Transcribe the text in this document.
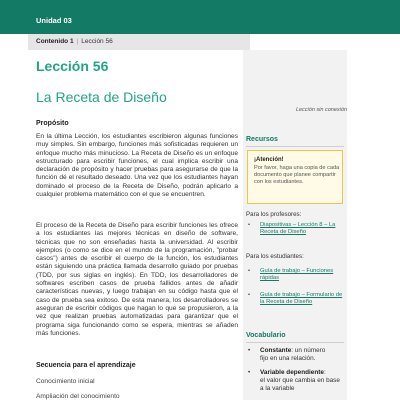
Unidad 03
Contenido 1 | Lección 56
Lección 56
La Receta de Diseño
Lección sin conexión
Propósito

En la última Lección, los estudiantes escribieron algunas funciones muy simples. Sin embargo, funciones más sofisticadas requieren un enfoque mucho más minucioso. La Receta de Diseño es un enfoque estructurado para escribir funciones, el cual implica escribir una declaración de propósito y hacer pruebas para asegurarse de que la función dé el resultado deseado. Una vez que los estudiantes hayan dominado el proceso de la Receta de Diseño, podrán aplicarlo a cualquier problema matemático con el que se encuentren.

El proceso de la Receta de Diseño para escribir funciones les ofrece a los estudiantes las mejores técnicas en diseño de software, técnicas que no son enseñadas hasta la universidad. Al escribir ejemplos (o como se dice en el mundo de la programación, "probar casos") antes de escribir el cuerpo de la función, los estudiantes están siguiendo una práctica llamada desarrollo guiado por pruebas (TDD, por sus siglas en inglés). En TDD, los desarrolladores de softwares escriben casos de prueba fallidos antes de añadir características nuevas, y luego trabajan en su código hasta que el caso de prueba sea exitoso. De esta manera, los desarrolladores se aseguran de escribir códigos que hagan lo que se propusieron, a la vez que realizan pruebas automatizadas para garantizar que el programa siga funcionando como se espera, mientras se añaden más funciones.

Secuencia para el aprendizaje
Conocimiento inicial
Ampliación del conocimiento
Recursos
¡Atención!
Por favor, haga una copia de cada documento que planee compartir con los estudiantes.
Para los profesores:
•	Diapositivas – Lección 8 – La Receta de Diseño
Para los estudiantes:
•	Guía de trabajo – Funciones rápidas
•	Guía de trabajo – Formulario de la Receta de Diseño
Vocabulario
•	Constante: un número
fijo en una relación.
•	Variable dependiente:
el valor que cambia en base a la variable
